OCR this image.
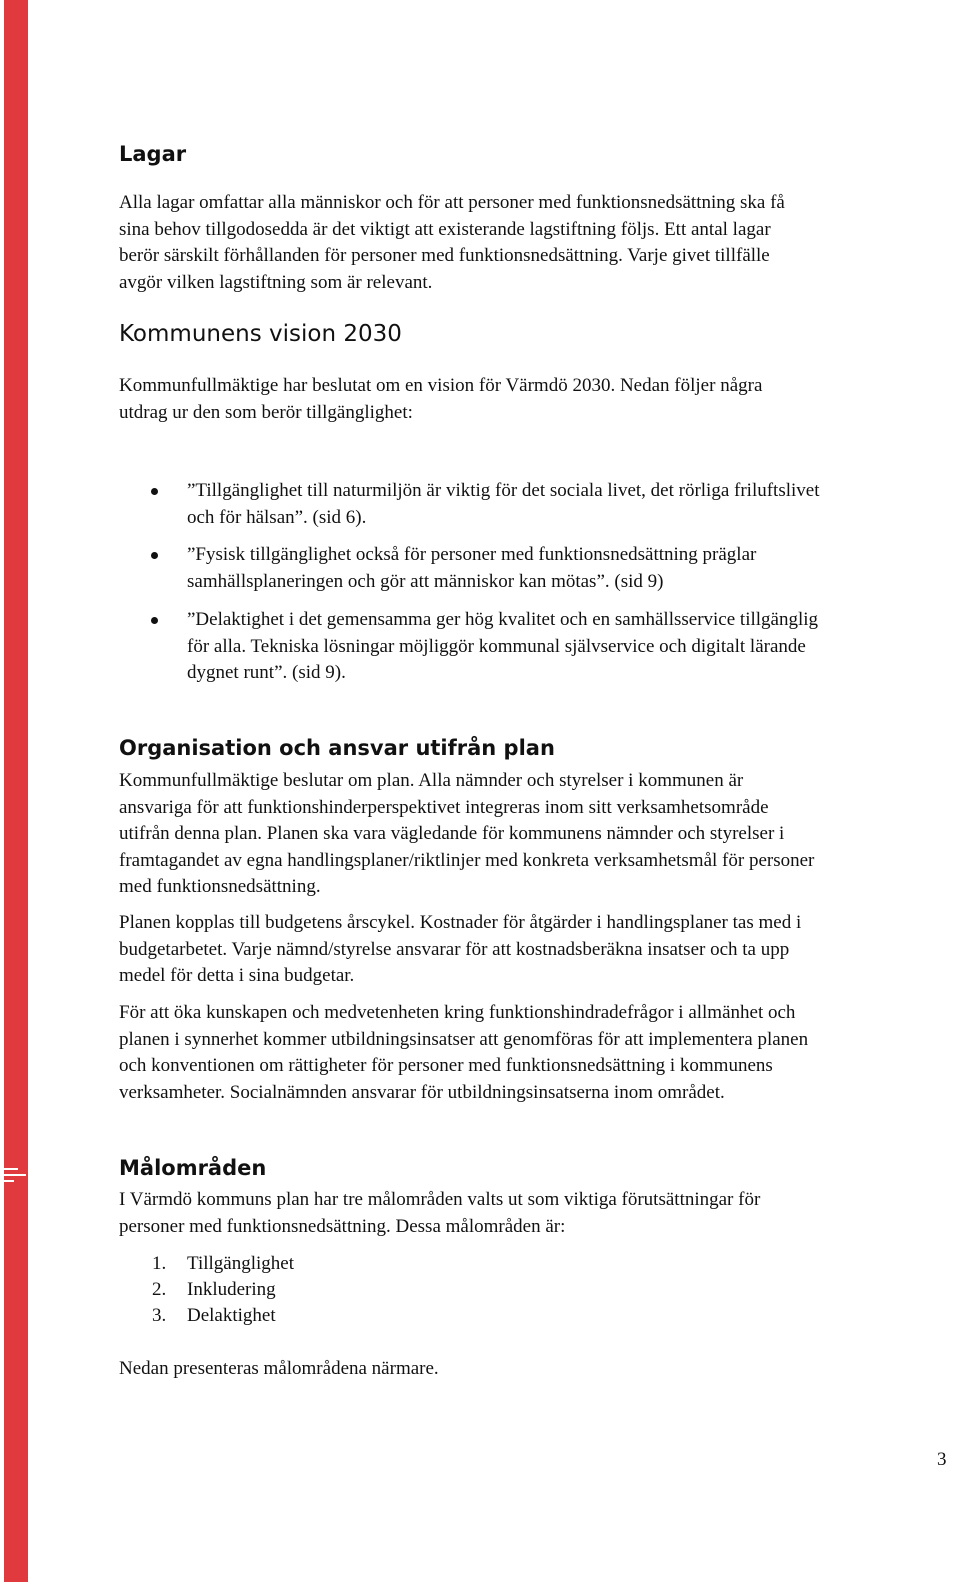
Lagar

Alla lagar omfattar alla människor och för att personer med funktionsnedsättning ska få
sina behov tillgodosedda är det viktigt att existerande lagstiftning följs. Ett antal lagar
berör särskilt förhållanden för personer med funktionsnedsättning. Varje givet tillfälle
avgör vilken lagstiftning som är relevant.

Kommunens vision 2030

Kommunfullmäktige har beslutat om en vision för Värmdö 2030. Nedan följer några
utdrag ur den som berör tillgänglighet:

”Tillgänglighet till naturmiljön är viktig för det sociala livet, det rörliga friluftslivet
och för hälsan”. (sid 6).
”Fysisk tillgänglighet också för personer med funktionsnedsättning präglar
samhällsplaneringen och gör att människor kan mötas”. (sid 9)
”Delaktighet i det gemensamma ger hög kvalitet och en samhällsservice tillgänglig
för alla. Tekniska lösningar möjliggör kommunal självservice och digitalt lärande
dygnet runt”. (sid 9).
Organisation och ansvar utifrån plan

Kommunfullmäktige beslutar om plan. Alla nämnder och styrelser i kommunen är
ansvariga för att funktionshinderperspektivet integreras inom sitt verksamhetsområde
utifrån denna plan. Planen ska vara vägledande för kommunens nämnder och styrelser i
framtagandet av egna handlingsplaner/riktlinjer med konkreta verksamhetsmål för personer
med funktionsnedsättning.

Planen kopplas till budgetens årscykel. Kostnader för åtgärder i handlingsplaner tas med i
budgetarbetet. Varje nämnd/styrelse ansvarar för att kostnadsberäkna insatser och ta upp
medel för detta i sina budgetar.

För att öka kunskapen och medvetenheten kring funktionshindradefrågor i allmänhet och
planen i synnerhet kommer utbildningsinsatser att genomföras för att implementera planen
och konventionen om rättigheter för personer med funktionsnedsättning i kommunens
verksamheter. Socialnämnden ansvarar för utbildningsinsatserna inom området.

Målområden

I Värmdö kommuns plan har tre målområden valts ut som viktiga förutsättningar för
personer med funktionsnedsättning. Dessa målområden är:

1. Tillgänglighet
2. Inkludering
3. Delaktighet

Nedan presenteras målområdena närmare.

3
